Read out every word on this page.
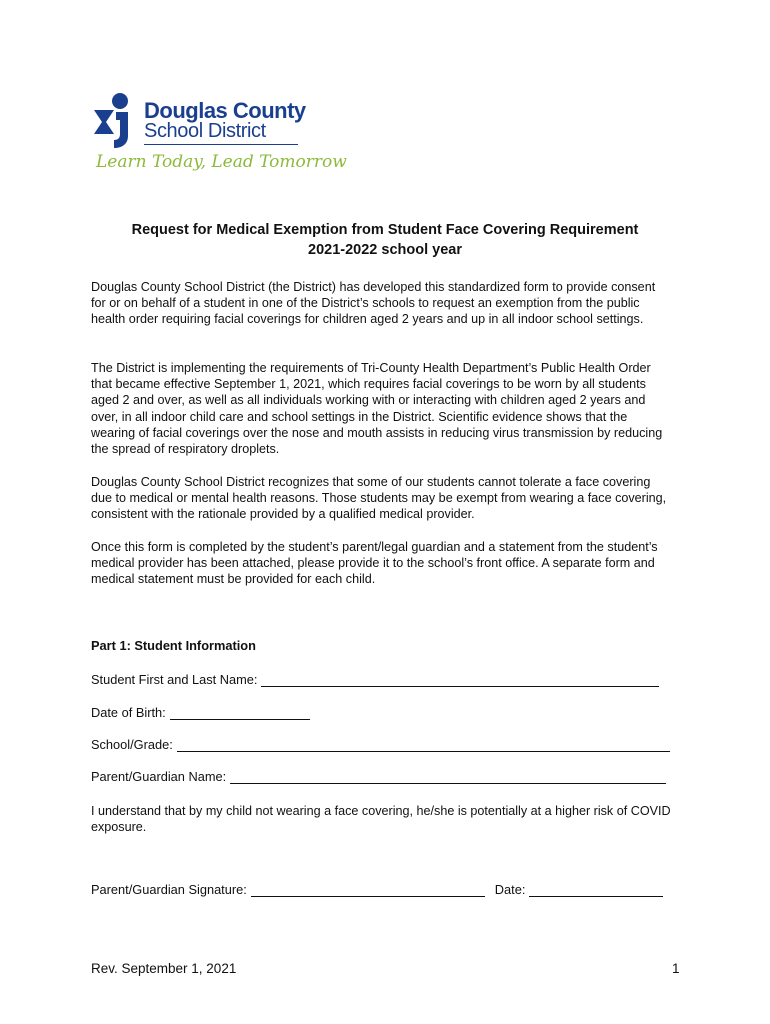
Douglas County
School District
Learn Today, Lead Tomorrow
Request for Medical Exemption from Student Face Covering Requirement
2021-2022 school year
Douglas County School District (the District) has developed this standardized form to provide consent for or on behalf of a student in one of the District’s schools to request an exemption from the public health order requiring facial coverings for children aged 2 years and up in all indoor school settings.
The District is implementing the requirements of Tri-County Health Department’s Public Health Order that became effective September 1, 2021, which requires facial coverings to be worn by all students aged 2 and over, as well as all individuals working with or interacting with children aged 2 years and over, in all indoor child care and school settings in the District. Scientific evidence shows that the wearing of facial coverings over the nose and mouth assists in reducing virus transmission by reducing the spread of respiratory droplets.
Douglas County School District recognizes that some of our students cannot tolerate a face covering due to medical or mental health reasons. Those students may be exempt from wearing a face covering, consistent with the rationale provided by a qualified medical provider.
Once this form is completed by the student’s parent/legal guardian and a statement from the student’s medical provider has been attached, please provide it to the school’s front office. A separate form and medical statement must be provided for each child.
Part 1: Student Information
Student First and Last Name:
Date of Birth:
School/Grade:
Parent/Guardian Name:
I understand that by my child not wearing a face covering, he/she is potentially at a higher risk of COVID exposure.
Parent/Guardian Signature:	Date:
Rev. September 1, 2021	1
